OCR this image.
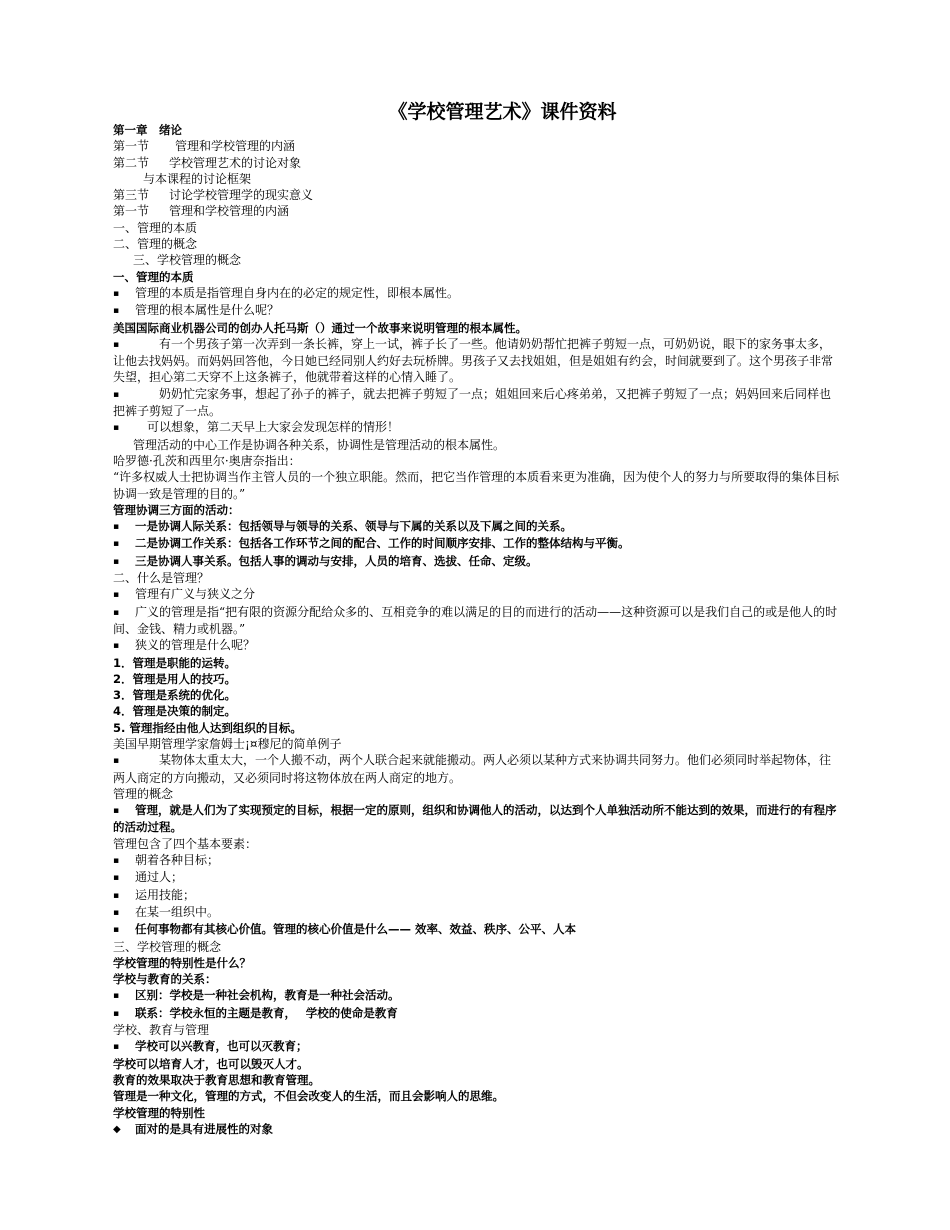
《学校管理艺术》课件资料
第一章　绪论
第一节 管理和学校管理的内涵
第二节 学校管理艺术的讨论对象
与本课程的讨论框架
第三节 讨论学校管理学的现实意义
第一节 管理和学校管理的内涵
一、管理的本质
二、管理的概念
三、学校管理的概念
一、管理的本质
▪ 管理的本质是指管理自身内在的必定的规定性，即根本属性。
▪ 管理的根本属性是什么呢？
美国国际商业机器公司的创办人托马斯（）通过一个故事来说明管理的根本属性。
▪　　有一个男孩子第一次弄到一条长裤，穿上一试，裤子长了一些。他请奶奶帮忙把裤子剪短一点，可奶奶说，眼下的家务事太多，让他去找妈妈。而妈妈回答他，今日她已经同别人约好去玩桥牌。男孩子又去找姐姐，但是姐姐有约会，时间就要到了。这个男孩子非常失望，担心第二天穿不上这条裤子，他就带着这样的心情入睡了。
▪　　奶奶忙完家务事，想起了孙子的裤子，就去把裤子剪短了一点；姐姐回来后心疼弟弟，又把裤子剪短了一点；妈妈回来后同样也把裤子剪短了一点。
▪　可以想象，第二天早上大家会发现怎样的情形！
管理活动的中心工作是协调各种关系，协调性是管理活动的根本属性。
哈罗德·孔茨和西里尔·奥唐奈指出：
“许多权威人士把协调当作主管人员的一个独立职能。然而，把它当作管理的本质看来更为准确，因为使个人的努力与所要取得的集体目标协调一致是管理的目的。”
管理协调三方面的活动：
▪ 一是协调人际关系：包括领导与领导的关系、领导与下属的关系以及下属之间的关系。
▪ 二是协调工作关系：包括各工作环节之间的配合、工作的时间顺序安排、工作的整体结构与平衡。
▪ 三是协调人事关系。包括人事的调动与安排，人员的培育、选拔、任命、定级。
二、什么是管理？
▪ 管理有广义与狭义之分
▪ 广义的管理是指“把有限的资源分配给众多的、互相竞争的难以满足的目的而进行的活动——这种资源可以是我们自己的或是他人的时间、金钱、精力或机器。”
▪ 狭义的管理是什么呢？
1．管理是职能的运转。
2．管理是用人的技巧。
3．管理是系统的优化。
4．管理是决策的制定。
5. 管理指经由他人达到组织的目标。
美国早期管理学家詹姆士¡¤穆尼的简单例子
▪　　某物体太重太大，一个人搬不动，两个人联合起来就能搬动。两人必须以某种方式来协调共同努力。他们必须同时举起物体，往两人商定的方向搬动，又必须同时将这物体放在两人商定的地方。
管理的概念
▪ 管理，就是人们为了实现预定的目标，根据一定的原则，组织和协调他人的活动，以达到个人单独活动所不能达到的效果，而进行的有程序的活动过程。
管理包含了四个基本要素：
▪ 朝着各种目标；
▪ 通过人；
▪ 运用技能；
▪ 在某一组织中。
▪ 任何事物都有其核心价值。管理的核心价值是什么—— 效率、效益、秩序、公平、人本
三、学校管理的概念
学校管理的特别性是什么？
学校与教育的关系：
▪ 区别：学校是一种社会机构，教育是一种社会活动。
▪ 联系：学校永恒的主题是教育，　 学校的使命是教育
学校、教育与管理
▪ 学校可以兴教育，也可以灭教育；
学校可以培育人才，也可以毁灭人才。
教育的效果取决于教育思想和教育管理。
管理是一种文化，管理的方式，不但会改变人的生活，而且会影响人的思维。
学校管理的特别性
◆ 面对的是具有进展性的对象
